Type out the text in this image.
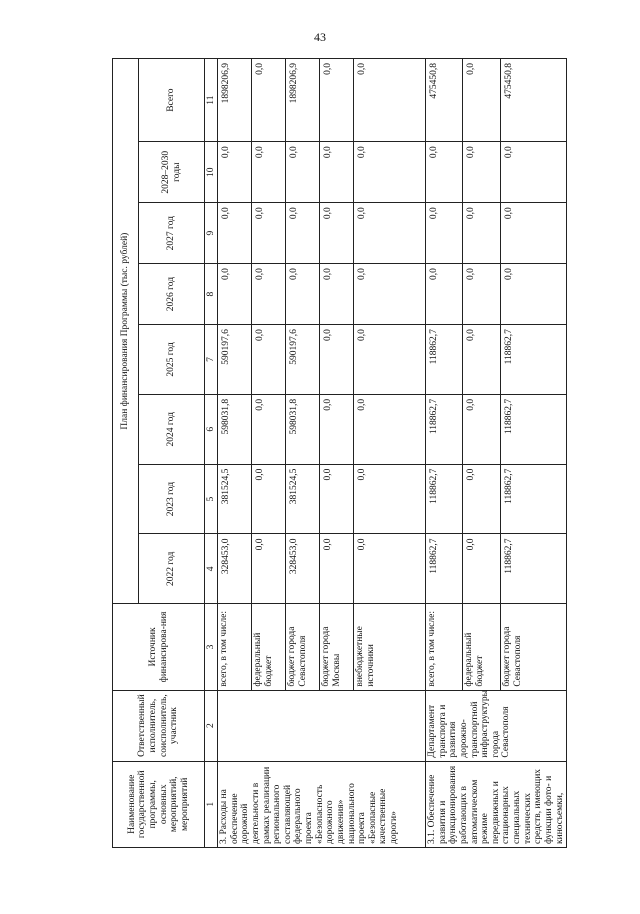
43
Наименование государственной программы, основных мероприятий, мероприятий	Ответственный исполнитель, соисполнитель, участник	Источник финансирова-ния	План финансирования Программы (тыс. рублей)							
			2022 год	2023 год	2024 год	2025 год	2026 год	2027 год	2028–2030 годы	Всего
1	2	3	4	5	6	7	8	9	10	11
3. Расходы на обеспечение дорожной деятельности в рамках реализации регионального составляющей федерального проекта «Безопасность дорожного движения» национального проекта «Безопасные качественные дороги»		всего, в том числе:	328453,0	381524,5	598031,8	590197,6	0,0	0,0	0,0	1898206,9
		федеральный бюджет	0,0	0,0	0,0	0,0	0,0	0,0	0,0	0,0
		бюджет города Севастополя	328453,0	381524,5	598031,8	590197,6	0,0	0,0	0,0	1898206,9
		бюджет города Москвы	0,0	0,0	0,0	0,0	0,0	0,0	0,0	0,0
		внебюджетные источники	0,0	0,0	0,0	0,0	0,0	0,0	0,0	0,0
3.1. Обеспечение развития и функционирования работающих в автоматическом режиме передвижных и стационарных специальных технических средств, имеющих функции фото- и киносъемки,	Департамент транспорта и развития дорожно-транспортной инфраструктуры города Севастополя	всего, в том числе:	118862,7	118862,7	118862,7	118862,7	0,0	0,0	0,0	475450,8
		федеральный бюджет	0,0	0,0	0,0	0,0	0,0	0,0	0,0	0,0
		бюджет города Севастополя	118862,7	118862,7	118862,7	118862,7	0,0	0,0	0,0	475450,8
